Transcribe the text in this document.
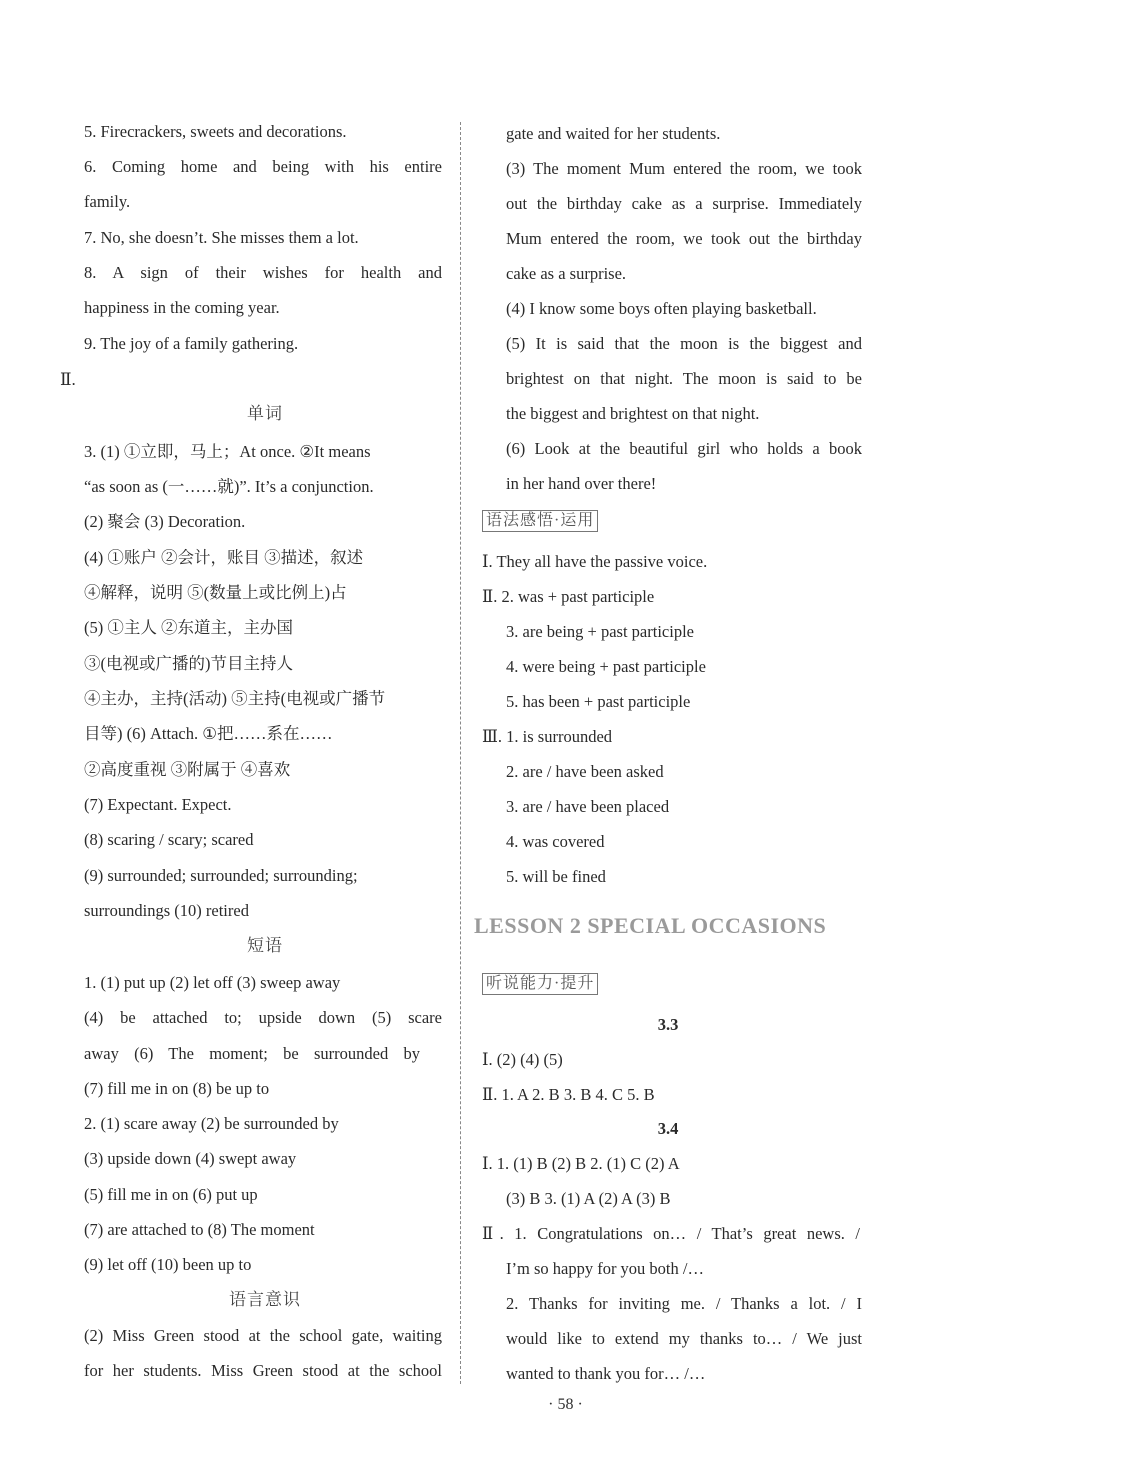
5. Firecrackers, sweets and decorations.
6. Coming home and being with his entire
family.
7. No, she doesn’t. She misses them a lot.
8. A sign of their wishes for health and
happiness in the coming year.
9. The joy of a family gathering.
Ⅱ.
单词
3. (1) ①立即，马上；At once. ②It means
“as soon as (一……就)”. It’s a conjunction.
(2) 聚会 (3) Decoration.
(4) ①账户 ②会计，账目 ③描述，叙述
④解释，说明 ⑤(数量上或比例上)占
(5) ①主人 ②东道主，主办国
③(电视或广播的)节目主持人
④主办，主持(活动) ⑤主持(电视或广播节
目等) (6) Attach. ①把……系在……
②高度重视 ③附属于 ④喜欢
(7) Expectant. Expect.
(8) scaring / scary; scared
(9) surrounded; surrounded; surrounding;
surroundings (10) retired
短语
1. (1) put up (2) let off (3) sweep away
(4) be attached to; upside down (5) scare
away (6) The moment; be surrounded by
(7) fill me in on (8) be up to
2. (1) scare away (2) be surrounded by
(3) upside down (4) swept away
(5) fill me in on (6) put up
(7) are attached to (8) The moment
(9) let off (10) been up to
语言意识
(2) Miss Green stood at the school gate, waiting
for her students. Miss Green stood at the school
gate and waited for her students.
(3) The moment Mum entered the room, we took
out the birthday cake as a surprise. Immediately
Mum entered the room, we took out the birthday
cake as a surprise.
(4) I know some boys often playing basketball.
(5) It is said that the moon is the biggest and
brightest on that night. The moon is said to be
the biggest and brightest on that night.
(6) Look at the beautiful girl who holds a book
in her hand over there!
语法感悟·运用
Ⅰ. They all have the passive voice.
Ⅱ. 2. was + past participle
3. are being + past participle
4. were being + past participle
5. has been + past participle
Ⅲ. 1. is surrounded
2. are / have been asked
3. are / have been placed
4. was covered
5. will be fined
LESSON 2 SPECIAL OCCASIONS
听说能力·提升
3.3
Ⅰ. (2) (4) (5)
Ⅱ. 1. A 2. B 3. B 4. C 5. B
3.4
Ⅰ. 1. (1) B (2) B 2. (1) C (2) A
(3) B 3. (1) A (2) A (3) B
Ⅱ. 1. Congratulations on… / That’s great news. /
I’m so happy for you both /…
2. Thanks for inviting me. / Thanks a lot. / I
would like to extend my thanks to… / We just
wanted to thank you for… /…
· 58 ·
